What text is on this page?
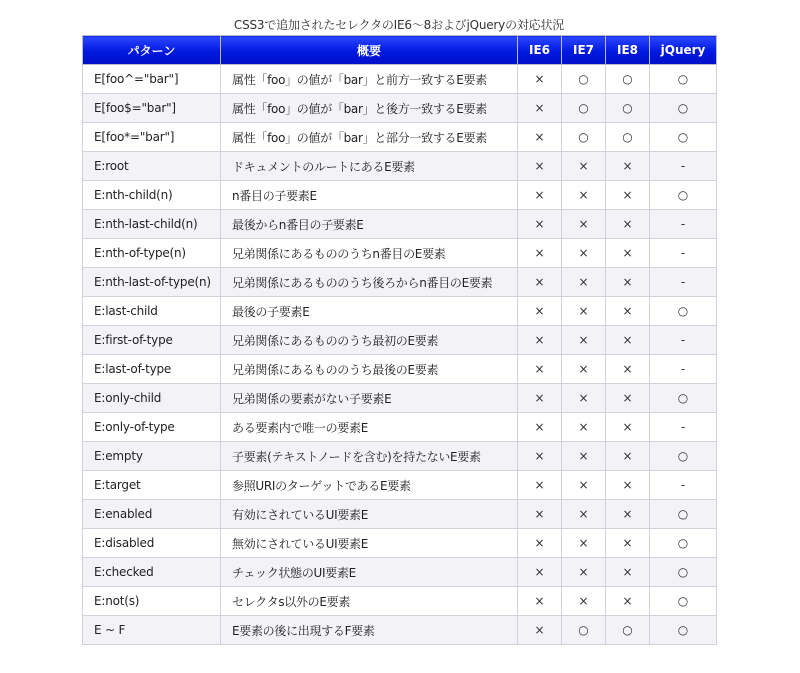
CSS3で追加されたセレクタのIE6～8およびjQueryの対応状況
パターン	概要	IE6	IE7	IE8	jQuery
E[foo^="bar"]	属性「foo」の値が「bar」と前方一致するE要素	×	○	○	○
E[foo$="bar"]	属性「foo」の値が「bar」と後方一致するE要素	×	○	○	○
E[foo*="bar"]	属性「foo」の値が「bar」と部分一致するE要素	×	○	○	○
E:root	ドキュメントのルートにあるE要素	×	×	×	-
E:nth-child(n)	n番目の子要素E	×	×	×	○
E:nth-last-child(n)	最後からn番目の子要素E	×	×	×	-
E:nth-of-type(n)	兄弟関係にあるもののうちn番目のE要素	×	×	×	-
E:nth-last-of-type(n)	兄弟関係にあるもののうち後ろからn番目のE要素	×	×	×	-
E:last-child	最後の子要素E	×	×	×	○
E:first-of-type	兄弟関係にあるもののうち最初のE要素	×	×	×	-
E:last-of-type	兄弟関係にあるもののうち最後のE要素	×	×	×	-
E:only-child	兄弟関係の要素がない子要素E	×	×	×	○
E:only-of-type	ある要素内で唯一の要素E	×	×	×	-
E:empty	子要素(テキストノードを含む)を持たないE要素	×	×	×	○
E:target	参照URIのターゲットであるE要素	×	×	×	-
E:enabled	有効にされているUI要素E	×	×	×	○
E:disabled	無効にされているUI要素E	×	×	×	○
E:checked	チェック状態のUI要素E	×	×	×	○
E:not(s)	セレクタs以外のE要素	×	×	×	○
E ~ F	E要素の後に出現するF要素	×	○	○	○
